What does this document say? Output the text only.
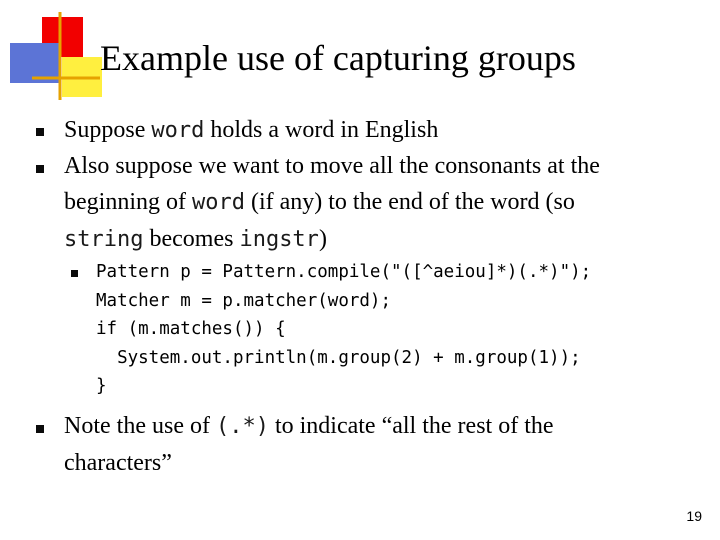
Example use of capturing groups
Suppose word holds a word in English
Also suppose we want to move all the consonants at the
beginning of word (if any) to the end of the word (so
string becomes ingstr)
Pattern p = Pattern.compile("([^aeiou]*)(.*)");
Matcher m = p.matcher(word);
if (m.matches()) {
System.out.println(m.group(2) + m.group(1));
}
Note the use of (.*) to indicate “all the rest of the
characters”
19
